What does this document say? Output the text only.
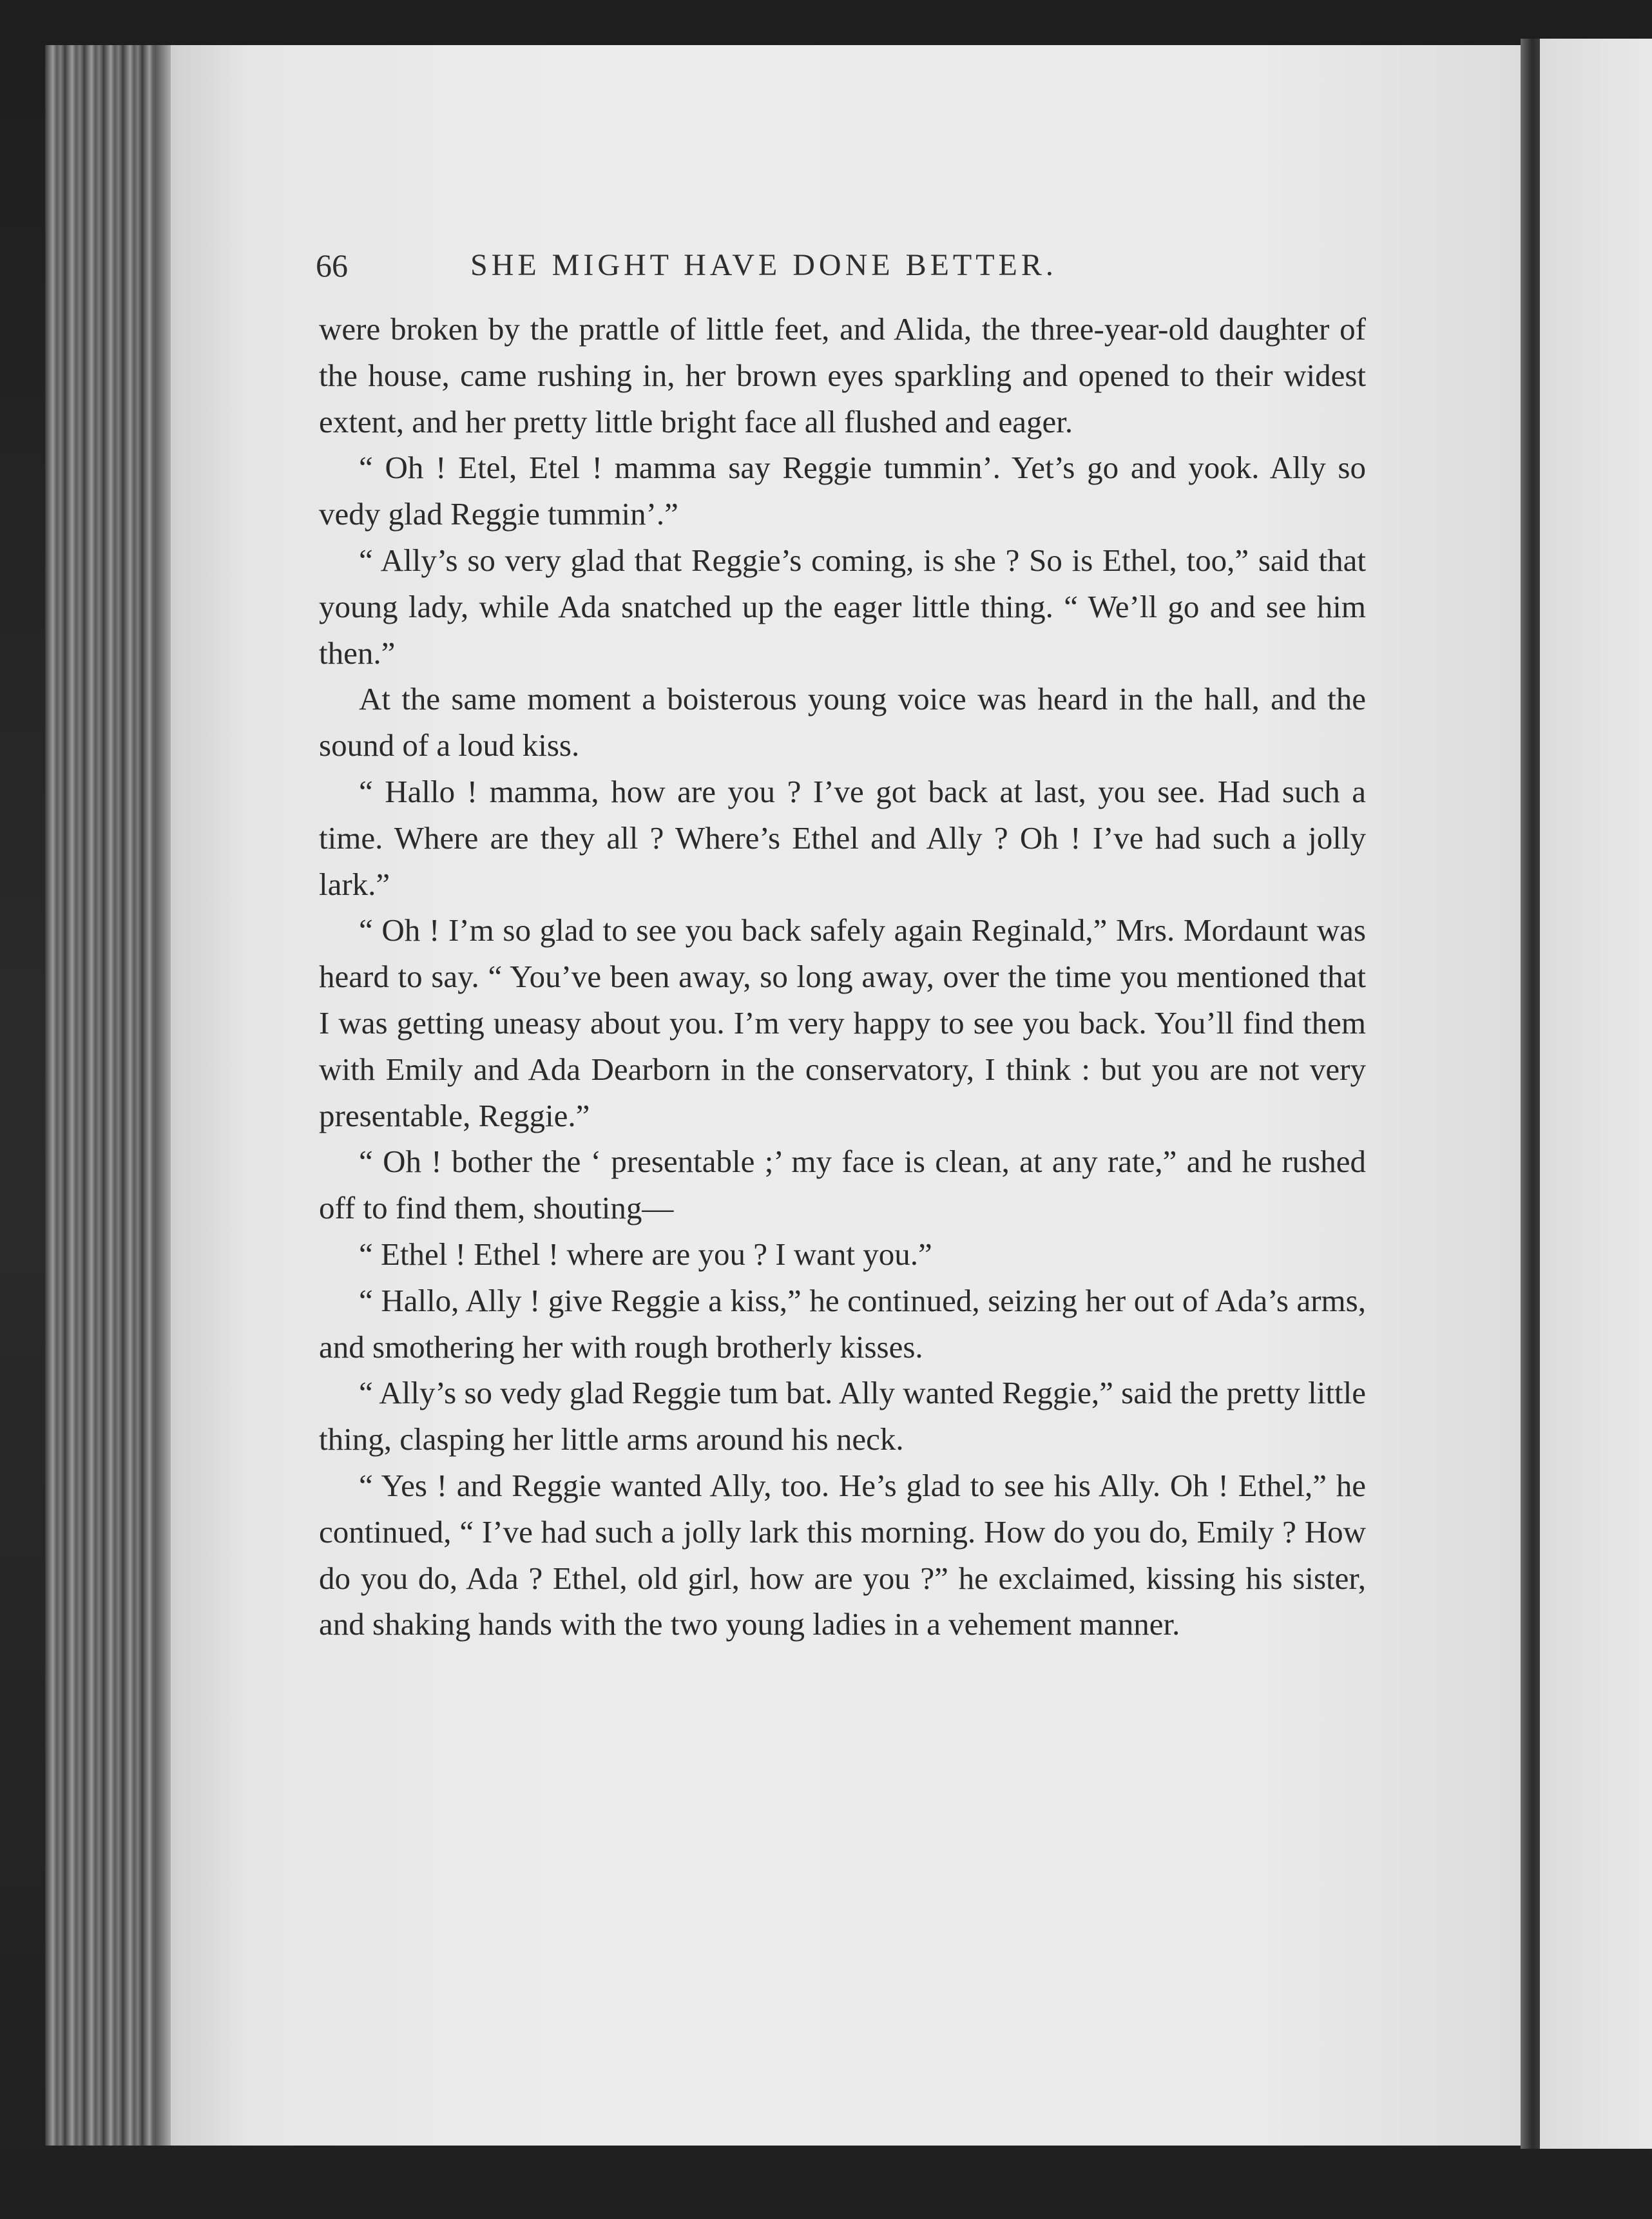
66	SHE MIGHT HAVE DONE BETTER.

were broken by the prattle of little feet, and Alida, the three-year-old daughter of the house, came rushing in, her brown eyes sparkling and opened to their widest extent, and her pretty little bright face all flushed and eager.

“ Oh ! Etel, Etel ! mamma say Reggie tummin’. Yet’s go and yook. Ally so vedy glad Reggie tummin’.”

“ Ally’s so very glad that Reggie’s coming, is she ? So is Ethel, too,” said that young lady, while Ada snatched up the eager little thing. “ We’ll go and see him then.”

At the same moment a boisterous young voice was heard in the hall, and the sound of a loud kiss.

“ Hallo ! mamma, how are you ? I’ve got back at last, you see. Had such a time. Where are they all ? Where’s Ethel and Ally ? Oh ! I’ve had such a jolly lark.”

“ Oh ! I’m so glad to see you back safely again Reginald,” Mrs. Mordaunt was heard to say. “ You’ve been away, so long away, over the time you mentioned that I was getting uneasy about you. I’m very happy to see you back. You’ll find them with Emily and Ada Dearborn in the conservatory, I think : but you are not very presentable, Reggie.”

“ Oh ! bother the ‘ presentable ;’ my face is clean, at any rate,” and he rushed off to find them, shouting—

“ Ethel ! Ethel ! where are you ? I want you.”

“ Hallo, Ally ! give Reggie a kiss,” he continued, seizing her out of Ada’s arms, and smothering her with rough brotherly kisses.

“ Ally’s so vedy glad Reggie tum bat. Ally wanted Reggie,” said the pretty little thing, clasping her little arms around his neck.

“ Yes ! and Reggie wanted Ally, too. He’s glad to see his Ally. Oh ! Ethel,” he continued, “ I’ve had such a jolly lark this morning. How do you do, Emily ? How do you do, Ada ? Ethel, old girl, how are you ?” he exclaimed, kissing his sister, and shaking hands with the two young ladies in a vehement manner.
